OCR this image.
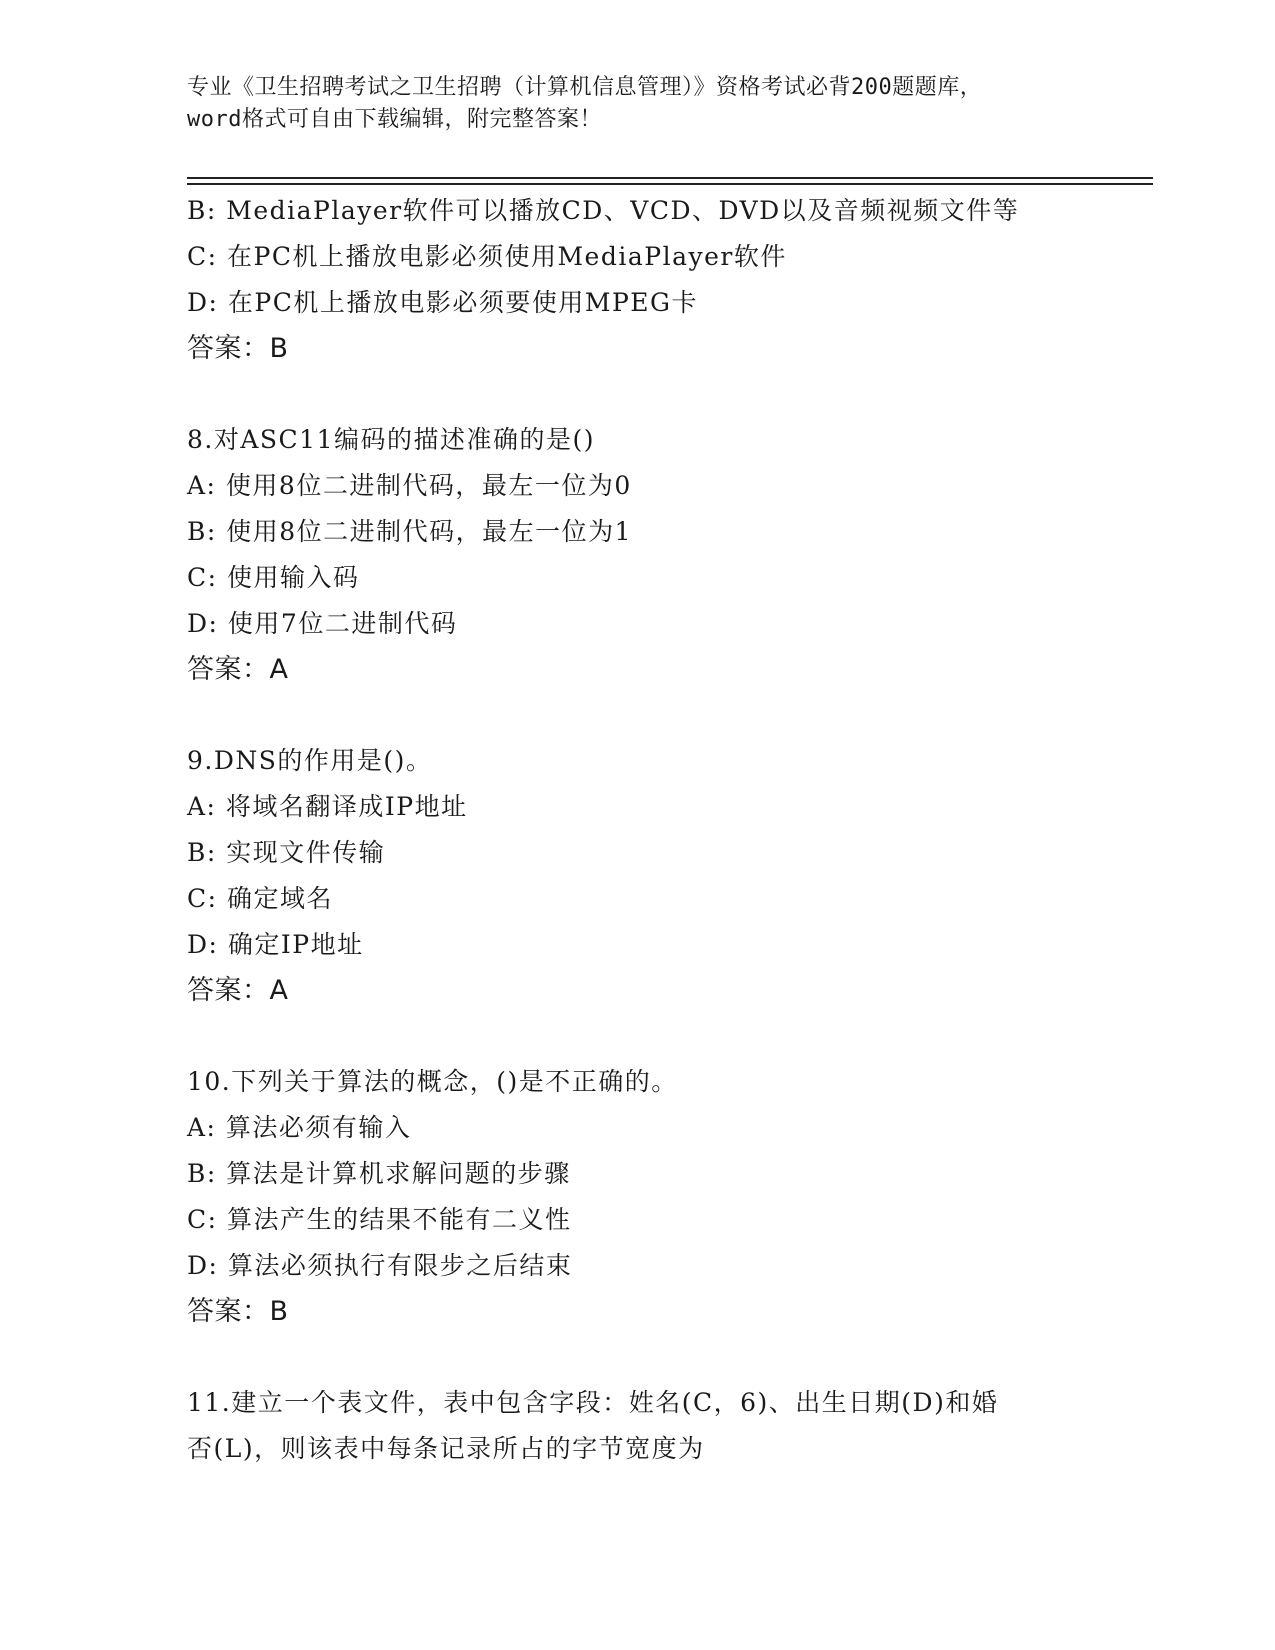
专业《卫生招聘考试之卫生招聘（计算机信息管理）》资格考试必背200题题库，
word格式可自由下载编辑，附完整答案！
B: MediaPlayer软件可以播放CD、VCD、DVD以及音频视频文件等
C: 在PC机上播放电影必须使用MediaPlayer软件
D: 在PC机上播放电影必须要使用MPEG卡
答案：B
8.对ASC11编码的描述准确的是()
A: 使用8位二进制代码，最左一位为0
B: 使用8位二进制代码，最左一位为1
C: 使用输入码
D: 使用7位二进制代码
答案：A
9.DNS的作用是()。
A: 将域名翻译成IP地址
B: 实现文件传输
C: 确定域名
D: 确定IP地址
答案：A
10.下列关于算法的概念，()是不正确的。
A: 算法必须有输入
B: 算法是计算机求解问题的步骤
C: 算法产生的结果不能有二义性
D: 算法必须执行有限步之后结束
答案：B
11.建立一个表文件，表中包含字段：姓名(C，6)、出生日期(D)和婚
否(L)，则该表中每条记录所占的字节宽度为
